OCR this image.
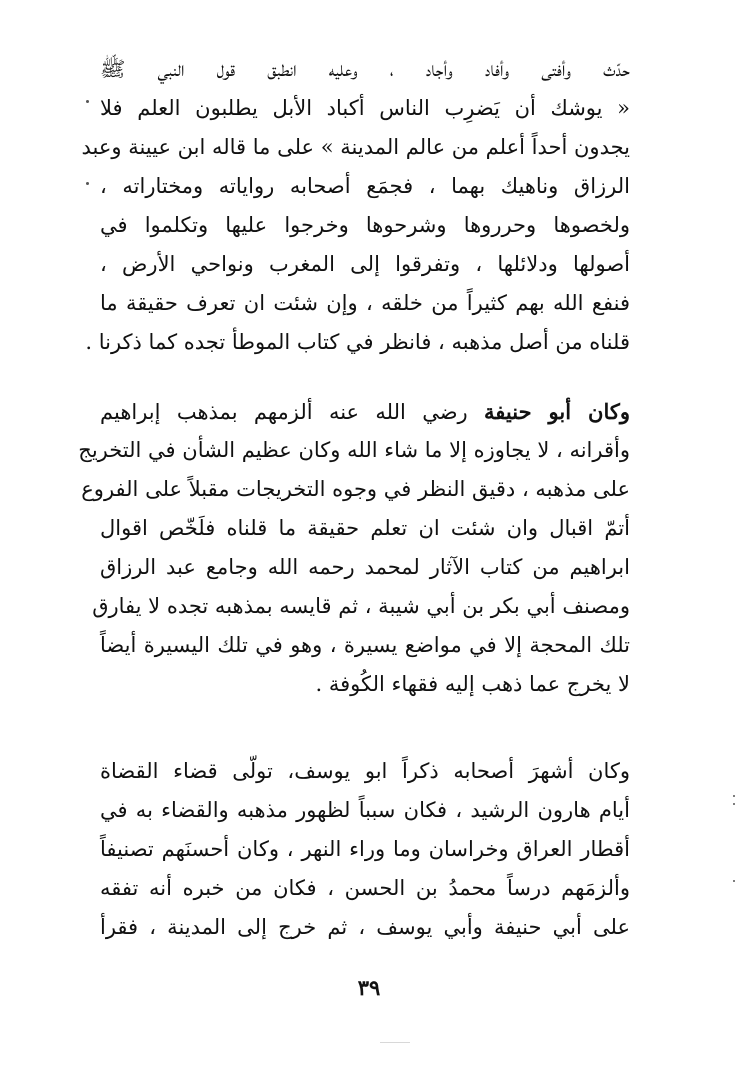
حدّث وأفتى وأفاد وأجاد ، وعليه انطبق قول النبي ﷺ
« يوشك أن يَضرِب الناس أكباد الأبل يطلبون العلم فلا
يجدون أحداً أعلم من عالم المدينة » على ما قاله ابن عيينة وعبد
الرزاق وناهيك بهما ، فجمَع أصحابه رواياته ومختاراته ،
ولخصوها وحرروها وشرحوها وخرجوا عليها وتكلموا في
أصولها ودلائلها ، وتفرقوا إلى المغرب ونواحي الأرض ،
فنفع الله بهم كثيراً من خلقه ، وإن شئت ان تعرف حقيقة ما
قلناه من أصل مذهبه ، فانظر في كتاب الموطأ تجده كما ذكرنا .
وكان أبو حنيفة رضي الله عنه ألزمهم بمذهب إبراهيم
وأقرانه ، لا يجاوزه إلا ما شاء الله وكان عظيم الشأن في التخريج
على مذهبه ، دقيق النظر في وجوه التخريجات مقبلاً على الفروع
أتمّ اقبال وان شئت ان تعلم حقيقة ما قلناه فلَخّص اقوال
ابراهيم من كتاب الآثار لمحمد رحمه الله وجامع عبد الرزاق
ومصنف أبي بكر بن أبي شيبة ، ثم قايسه بمذهبه تجده لا يفارق
تلك المحجة إلا في مواضع يسيرة ، وهو في تلك اليسيرة أيضاً
لا يخرج عما ذهب إليه فقهاء الكُوفة .
وكان أشهرَ أصحابه ذكراً ابو يوسف، تولّى قضاء القضاة
أيام هارون الرشيد ، فكان سبباً لظهور مذهبه والقضاء به في
أقطار العراق وخراسان وما وراء النهر ، وكان أحسنَهم تصنيفاً
وألزمَهم درساً محمدُ بن الحسن ، فكان من خبره أنه تفقه
على أبي حنيفة وأبي يوسف ، ثم خرج إلى المدينة ، فقرأ
٣٩
